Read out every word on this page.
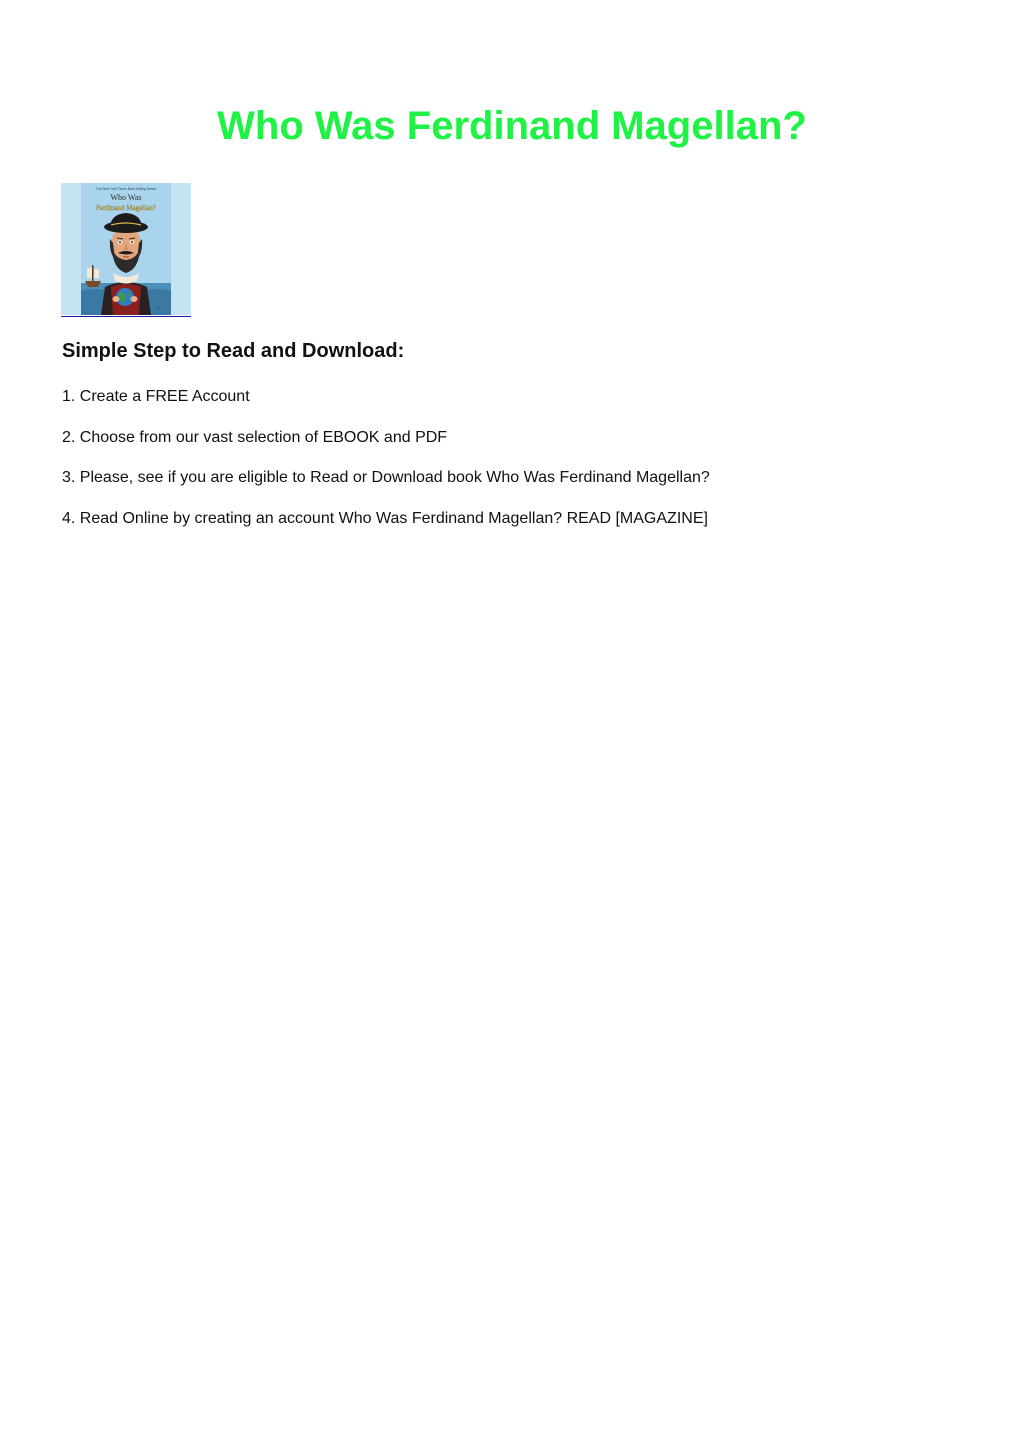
Who Was Ferdinand Magellan?
The New York Times Best-Selling Series
Who Was
Ferdinand Magellan?
by
Simple Step to Read and Download:
1. Create a FREE Account
2. Choose from our vast selection of EBOOK and PDF
3. Please, see if you are eligible to Read or Download book Who Was Ferdinand Magellan?
4. Read Online by creating an account Who Was Ferdinand Magellan? READ [MAGAZINE]
